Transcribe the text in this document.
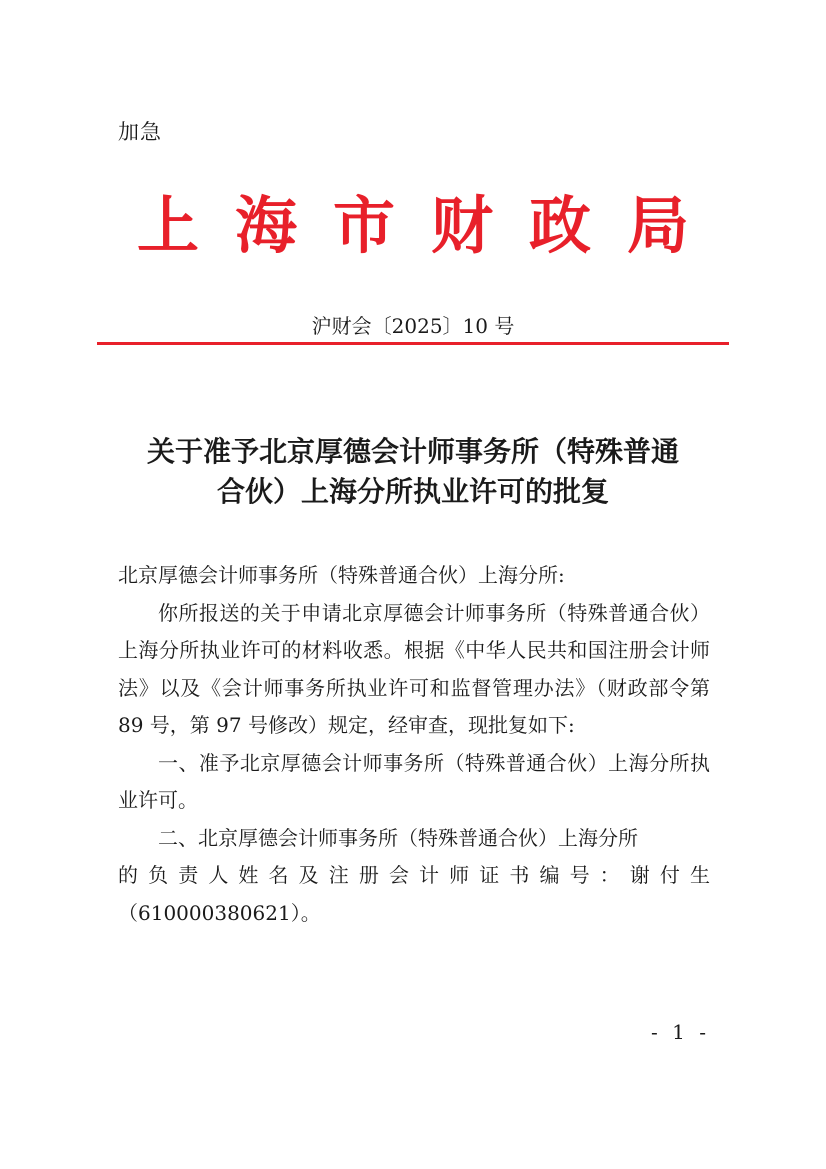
加急
上海市财政局
沪财会〔2025〕10 号
关于准予北京厚德会计师事务所（特殊普通
合伙）上海分所执业许可的批复

北京厚德会计师事务所（特殊普通合伙）上海分所:

你所报送的关于申请北京厚德会计师事务所（特殊普通合伙）上海分所执业许可的材料收悉。根据《中华人民共和国注册会计师法》以及《会计师事务所执业许可和监督管理办法》（财政部令第 89 号，第 97 号修改）规定，经审查，现批复如下:

一、准予北京厚德会计师事务所（特殊普通合伙）上海分所执业许可。

二、北京厚德会计师事务所（特殊普通合伙）上海分所

的负责人姓名及注册会计师证书编号：谢付生

（610000380621）。

- 1 -
